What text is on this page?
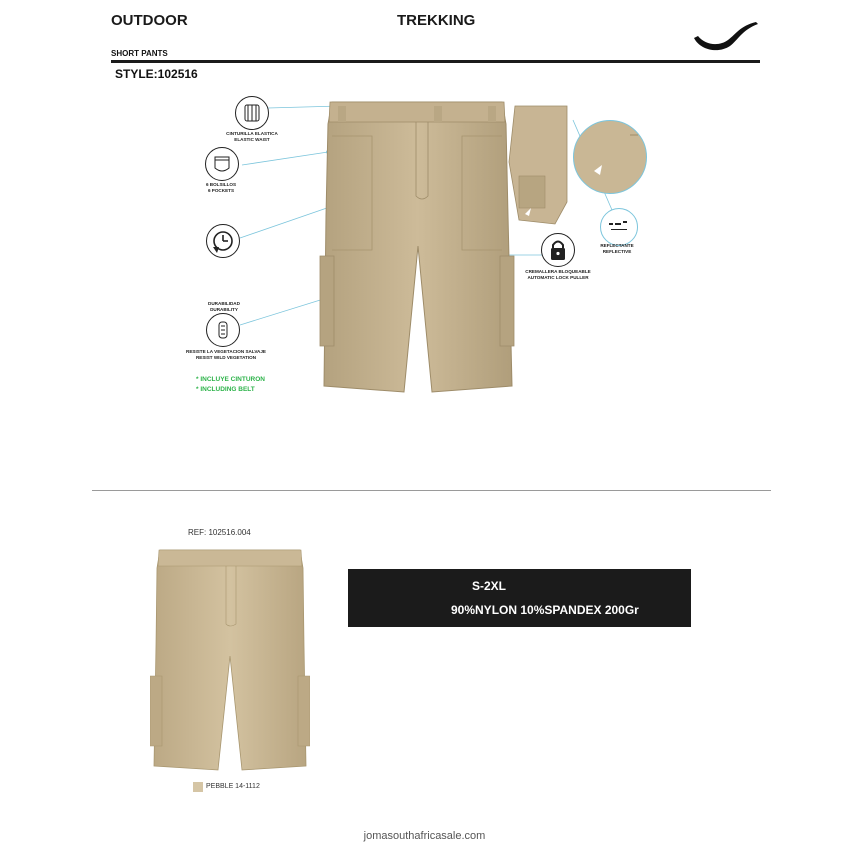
OUTDOOR	TREKKING
SHORT PANTS
STYLE:102516
CINTURILLA ELASTICA
ELASTIC WAIST
6 BOLSILLOS
6 POCKETS
DURABILIDAD
DURABILITY
RESISTE LA VEGETACION SALVAJE
RESIST WILD VEGETATION
* INCLUYE CINTURON
* INCLUDING BELT
REFLECTANTE
REFLECTIVE
CREMALLERA BLOQUEABLE
AUTOMATIC LOCK PULLER
REF: 102516.004
PEBBLE 14-1112
S-2XL
90%NYLON 10%SPANDEX 200Gr
jomasouthafricasale.com
